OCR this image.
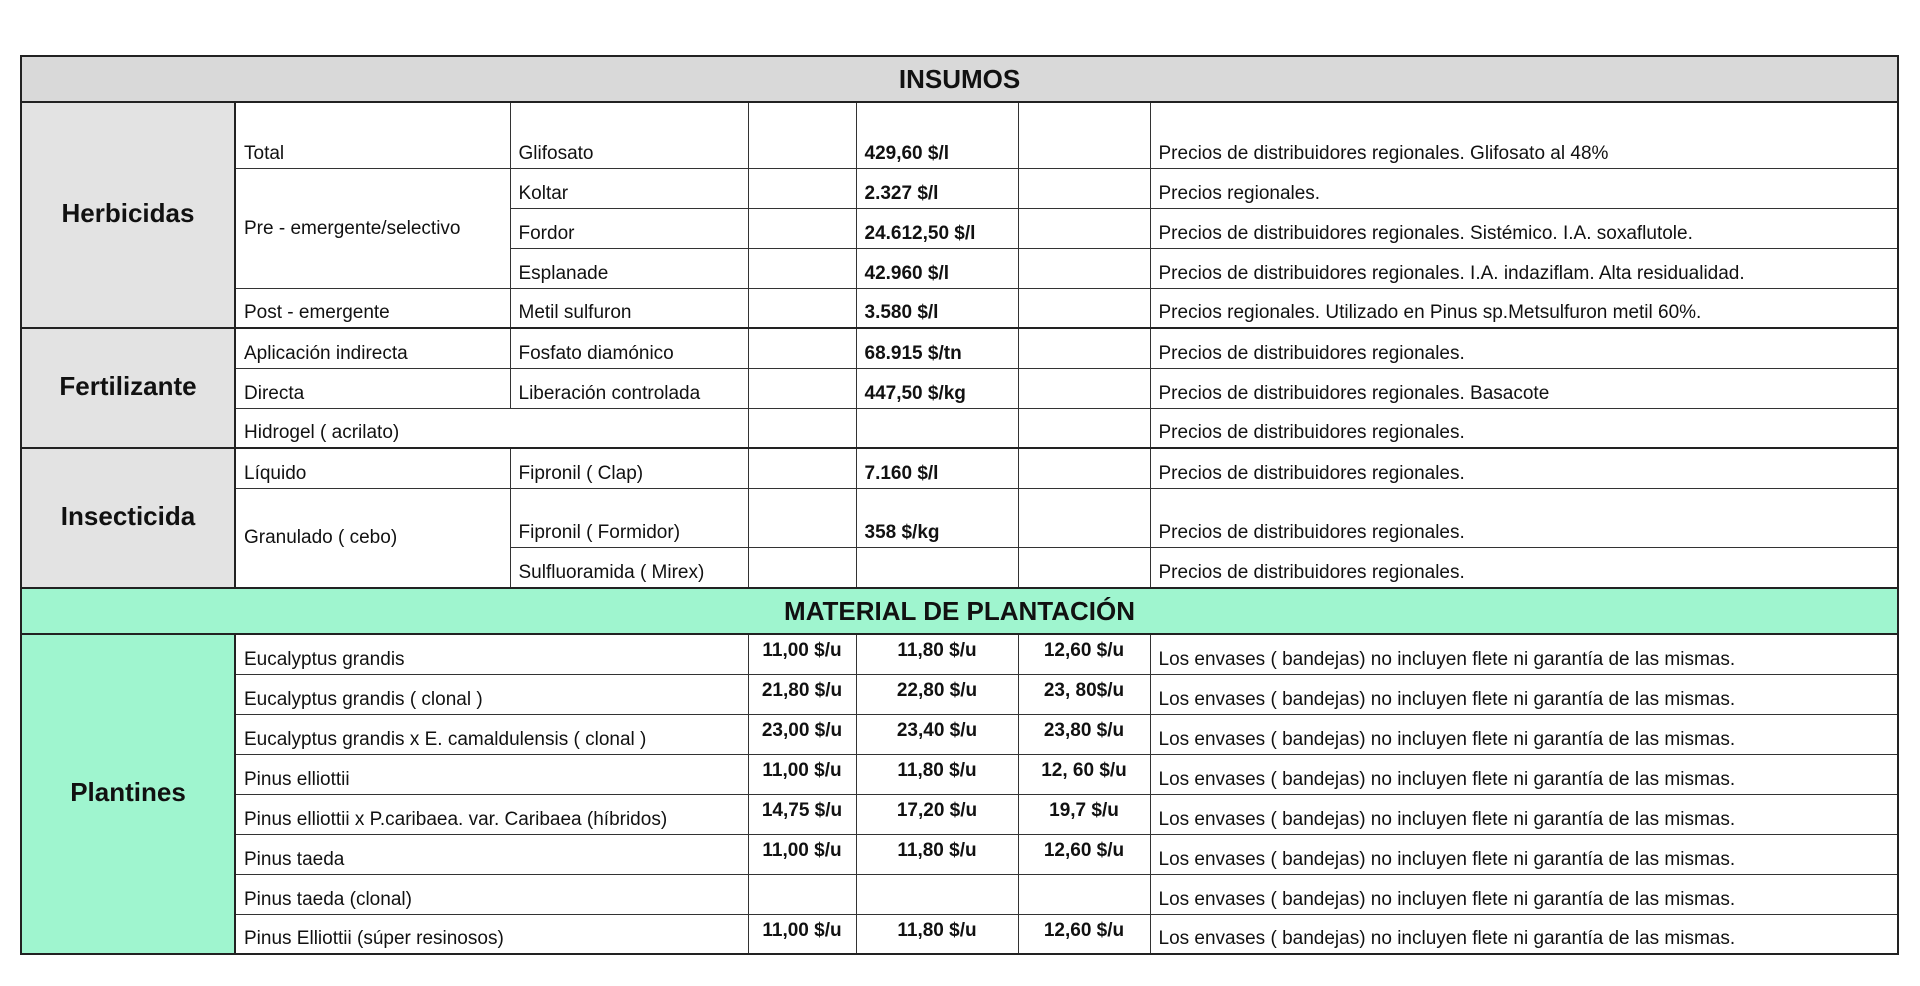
INSUMOS						
Herbicidas	Total	Glifosato		429,60 $/l		Precios de distribuidores regionales. Glifosato al 48%
	Pre - emergente/selectivo	Koltar		2.327 $/l		Precios regionales.
		Fordor		24.612,50 $/l		Precios de distribuidores regionales. Sistémico. I.A. soxaflutole.
		Esplanade		42.960 $/l		Precios de distribuidores regionales. I.A. indaziflam. Alta residualidad.
	Post - emergente	Metil sulfuron		3.580 $/l		Precios regionales. Utilizado en Pinus sp.Metsulfuron metil 60%.
Fertilizante	Aplicación indirecta	Fosfato diamónico		68.915 $/tn		Precios de distribuidores regionales.
	Directa	Liberación controlada		447,50 $/kg		Precios de distribuidores regionales. Basacote
	Hidrogel ( acrilato)					Precios de distribuidores regionales.
Insecticida	Líquido	Fipronil ( Clap)		7.160 $/l		Precios de distribuidores regionales.
	Granulado ( cebo)	Fipronil ( Formidor)		358 $/kg		Precios de distribuidores regionales.
		Sulfluoramida ( Mirex)				Precios de distribuidores regionales.
MATERIAL DE PLANTACIÓN						
Plantines	Eucalyptus grandis		11,00 $/u	11,80 $/u	12,60 $/u	Los envases ( bandejas) no incluyen flete ni garantía de las mismas.
	Eucalyptus grandis ( clonal )		21,80 $/u	22,80 $/u	23, 80$/u	Los envases ( bandejas) no incluyen flete ni garantía de las mismas.
	Eucalyptus grandis x E. camaldulensis ( clonal )		23,00 $/u	23,40 $/u	23,80 $/u	Los envases ( bandejas) no incluyen flete ni garantía de las mismas.
	Pinus elliottii		11,00 $/u	11,80 $/u	12, 60 $/u	Los envases ( bandejas) no incluyen flete ni garantía de las mismas.
	Pinus elliottii x P.caribaea. var. Caribaea (híbridos)		14,75 $/u	17,20 $/u	19,7 $/u	Los envases ( bandejas) no incluyen flete ni garantía de las mismas.
	Pinus taeda		11,00 $/u	11,80 $/u	12,60 $/u	Los envases ( bandejas) no incluyen flete ni garantía de las mismas.
	Pinus taeda (clonal)					Los envases ( bandejas) no incluyen flete ni garantía de las mismas.
	Pinus Elliottii (súper resinosos)		11,00 $/u	11,80 $/u	12,60 $/u	Los envases ( bandejas) no incluyen flete ni garantía de las mismas.
